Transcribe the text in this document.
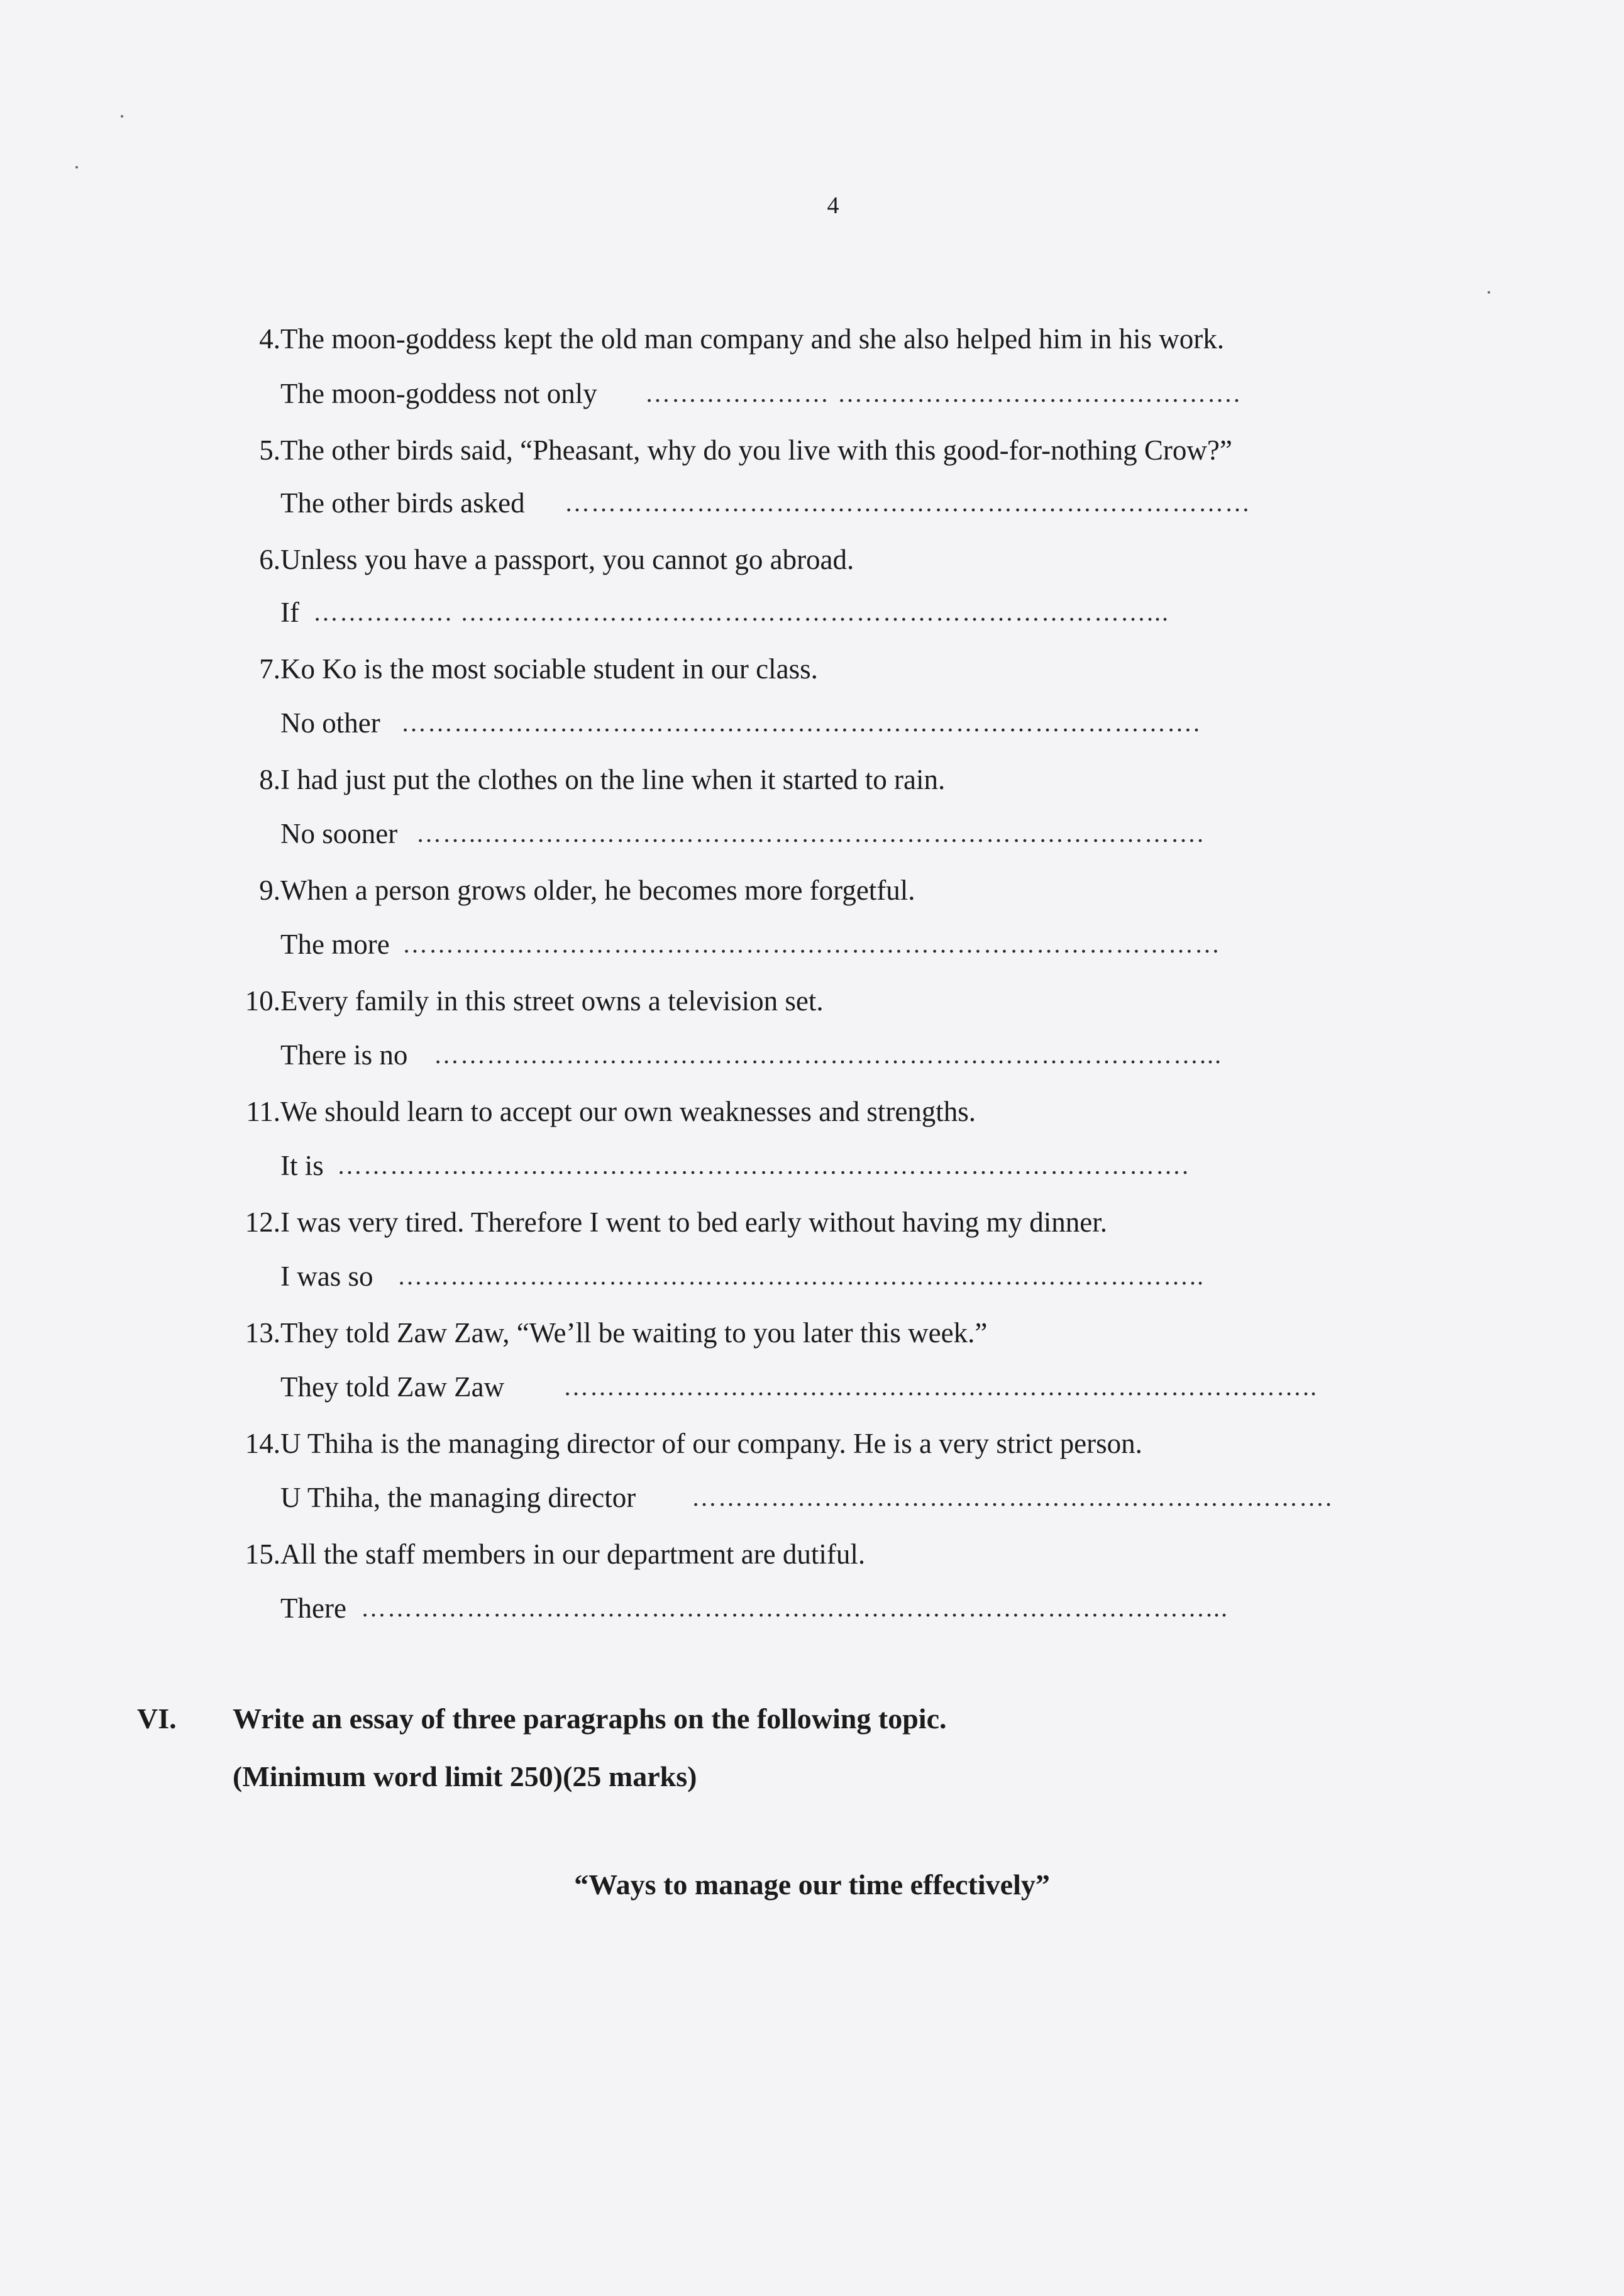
4
4. The moon-goddess kept the old man company and she also helped him in his work.
The moon-goddess not only ………………… ……………………………………….
5. The other birds said, “Pheasant, why do you live with this good-for-nothing Crow?”
The other birds asked ……………………………………………………………………
6. Unless you have a passport, you cannot go abroad.
If ……………. ……………………………………………………………………...
7. Ko Ko is the most sociable student in our class.
No other ……………………………………………………………………………….
8. I had just put the clothes on the line when it started to rain.
No sooner ……..……………………………………………………………………….
9. When a person grows older, he becomes more forgetful.
The more …………………………………………………………………………………
10. Every family in this street owns a television set.
There is no ……………………………………………………………………………...
11. We should learn to accept our own weaknesses and strengths.
It is …………………………………………………………………………………….
12. I was very tired. Therefore I went to bed early without having my dinner.
I was so ………………………………………………………………………………..
13. They told Zaw Zaw, “We’ll be waiting to you later this week.”
They told Zaw Zaw …………………………………………………………………………..
14. U Thiha is the managing director of our company. He is a very strict person.
U Thiha, the managing director ……………………………………………………………….
15. All the staff members in our department are dutiful.
There ……………………………………………………………………………………...
VI. Write an essay of three paragraphs on the following topic.
(Minimum word limit 250)(25 marks)
“Ways to manage our time effectively”
